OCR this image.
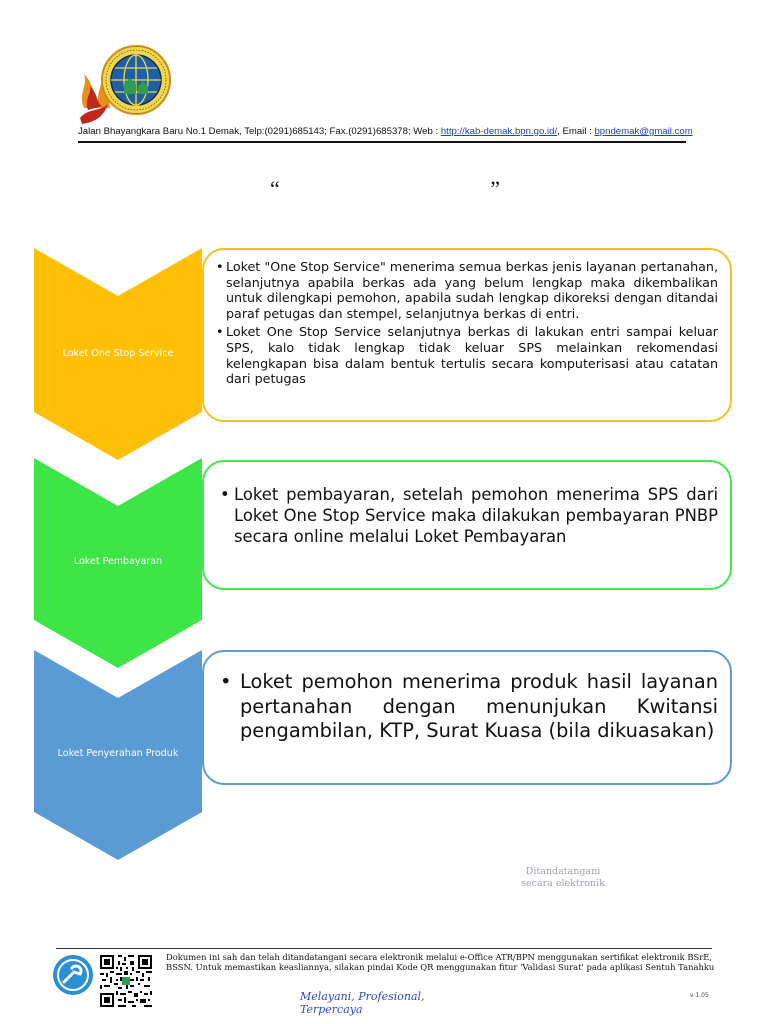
Jalan Bhayangkara Baru No.1 Demak, Telp:(0291)685143; Fax.(0291)685378; Web : http://kab-demak.bpn.go.id/, Email : bpndemak@gmail.com
“	”
Loket One Stop Service
• Loket "One Stop Service" menerima semua berkas jenis layanan pertanahan, selanjutnya apabila berkas ada yang belum lengkap maka dikembalikan untuk dilengkapi pemohon, apabila sudah lengkap dikoreksi dengan ditandai paraf petugas dan stempel, selanjutnya berkas di entri.
• Loket One Stop Service selanjutnya berkas di lakukan entri sampai keluar SPS, kalo tidak lengkap tidak keluar SPS melainkan rekomendasi kelengkapan bisa dalam bentuk tertulis secara komputerisasi atau catatan dari petugas
Loket Pembayaran
• Loket pembayaran, setelah pemohon menerima SPS dari Loket One Stop Service maka dilakukan pembayaran PNBP secara online melalui Loket Pembayaran
Loket Penyerahan Produk
• Loket pemohon menerima produk hasil layanan pertanahan dengan menunjukan Kwitansi pengambilan, KTP, Surat Kuasa (bila dikuasakan)
Ditandatangani
secara elektronik
Dokumen ini sah dan telah ditandatangani secara elektronik melalui e-Office ATR/BPN menggunakan sertifikat elektronik BSrE, BSSN. Untuk memastikan keasliannya, silakan pindai Kode QR menggunakan fitur 'Validasi Surat' pada aplikasi Sentuh Tanahku
Melayani, Profesional, Terpercaya
v 1.05
